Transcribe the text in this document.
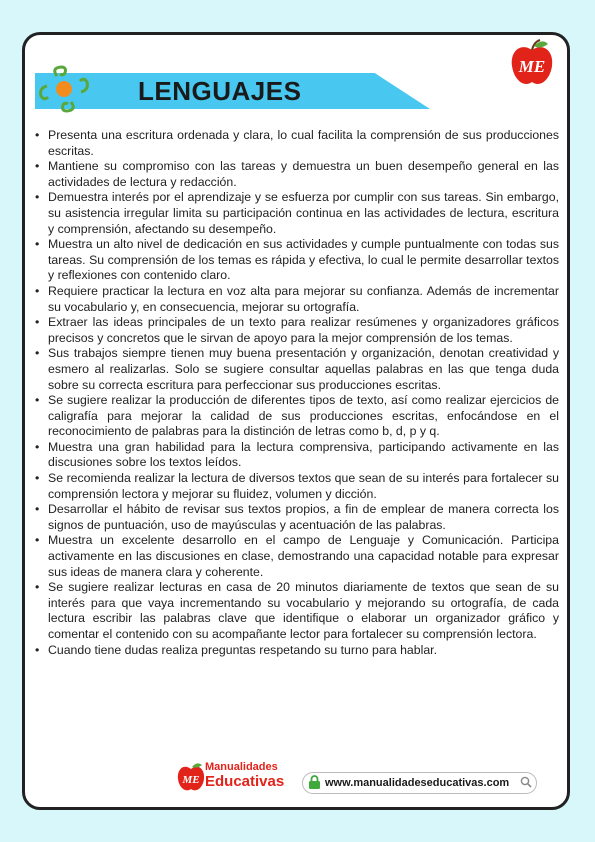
LENGUAJES
ME
• Presenta una escritura ordenada y clara, lo cual facilita la comprensión de sus producciones escritas.
• Mantiene su compromiso con las tareas y demuestra un buen desempeño general en las actividades de lectura y redacción.
• Demuestra interés por el aprendizaje y se esfuerza por cumplir con sus tareas. Sin embargo, su asistencia irregular limita su participación continua en las actividades de lectura, escritura y comprensión, afectando su desempeño.
• Muestra un alto nivel de dedicación en sus actividades y cumple puntualmente con todas sus tareas. Su comprensión de los temas es rápida y efectiva, lo cual le permite desarrollar textos y reflexiones con contenido claro.
• Requiere practicar la lectura en voz alta para mejorar su confianza. Además de incrementar su vocabulario y, en consecuencia, mejorar su ortografía.
• Extraer las ideas principales de un texto para realizar resúmenes y organizadores gráficos precisos y concretos que le sirvan de apoyo para la mejor comprensión de los temas.
• Sus trabajos siempre tienen muy buena presentación y organización, denotan creatividad y esmero al realizarlas. Solo se sugiere consultar aquellas palabras en las que tenga duda sobre su correcta escritura para perfeccionar sus producciones escritas.
• Se sugiere realizar la producción de diferentes tipos de texto, así como realizar ejercicios de caligrafía para mejorar la calidad de sus producciones escritas, enfocándose en el reconocimiento de palabras para la distinción de letras como b, d, p y q.
• Muestra una gran habilidad para la lectura comprensiva, participando activamente en las discusiones sobre los textos leídos.
• Se recomienda realizar la lectura de diversos textos que sean de su interés para fortalecer su comprensión lectora y mejorar su fluidez, volumen y dicción.
• Desarrollar el hábito de revisar sus textos propios, a fin de emplear de manera correcta los signos de puntuación, uso de mayúsculas y acentuación de las palabras.
• Muestra un excelente desarrollo en el campo de Lenguaje y Comunicación. Participa activamente en las discusiones en clase, demostrando una capacidad notable para expresar sus ideas de manera clara y coherente.
• Se sugiere realizar lecturas en casa de 20 minutos diariamente de textos que sean de su interés para que vaya incrementando su vocabulario y mejorando su ortografía, de cada lectura escribir las palabras clave que identifique o elaborar un organizador gráfico y comentar el contenido con su acompañante lector para fortalecer su comprensión lectora.
• Cuando tiene dudas realiza preguntas respetando su turno para hablar.
ME
Manualidades
Educativas	www.manualidadeseducativas.com
